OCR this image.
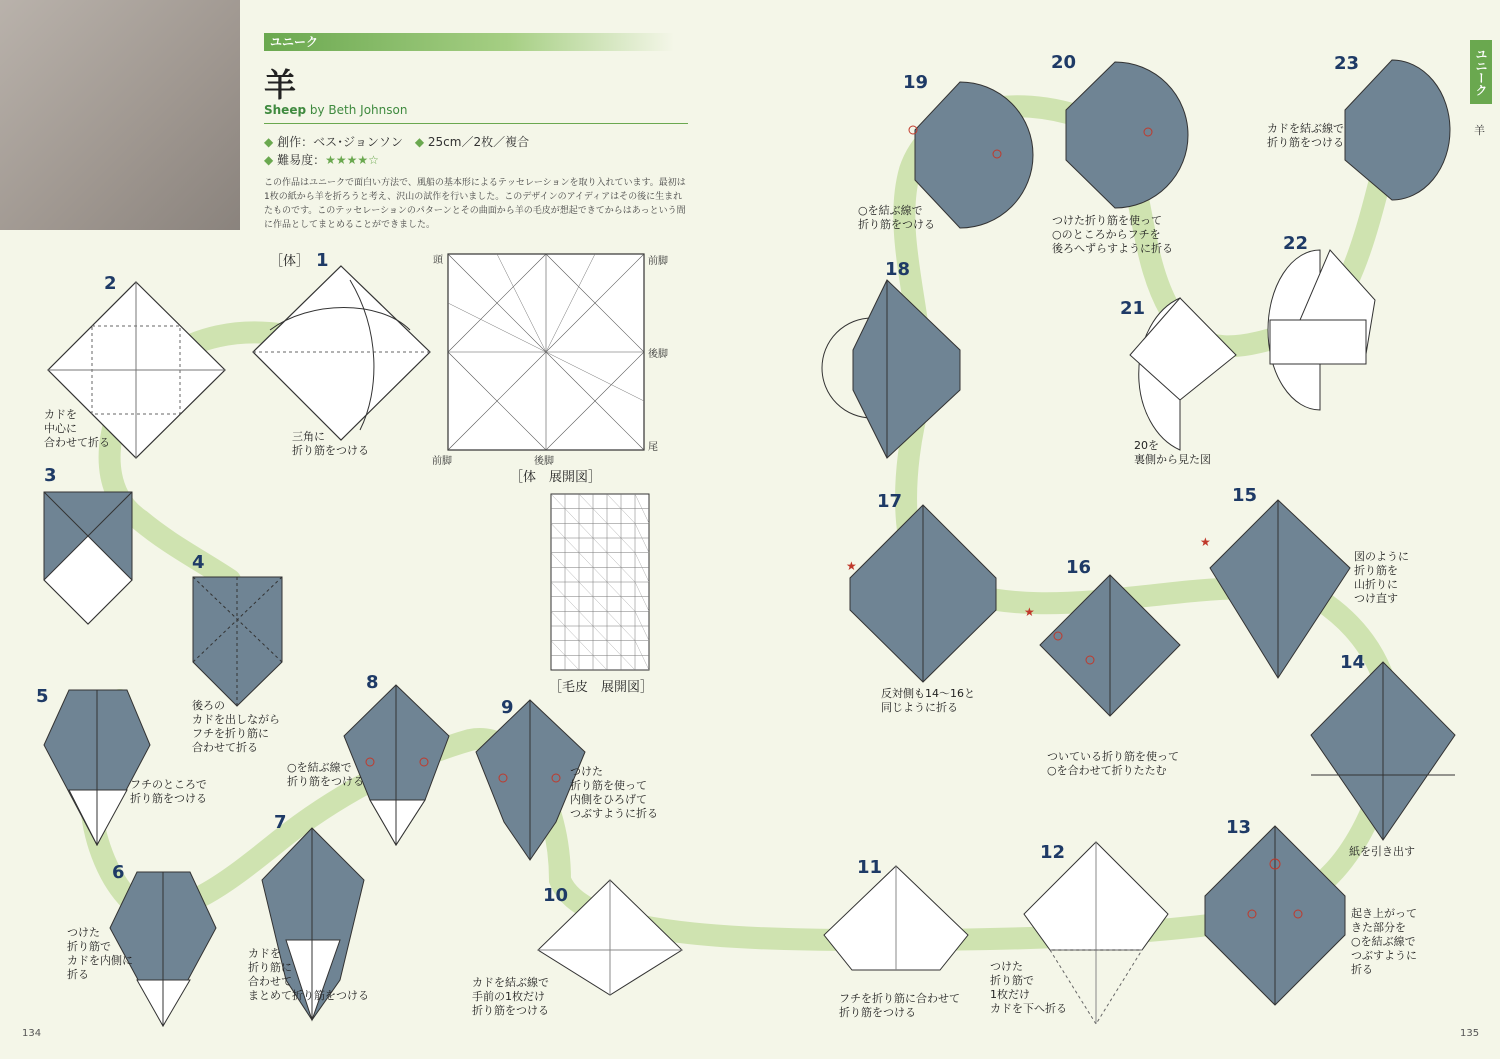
★
★
★
ユニーク
羊
Sheep by Beth Johnson
◆ 創作：ベス･ジョンソン　 ◆ 25cm／2枚／複合
◆ 難易度：★★★★☆
この作品はユニークで面白い方法で、風船の基本形によるテッセレーションを取り入れています。最初は1枚の紙から羊を折ろうと考え、沢山の試作を行いました。このデザインのアイディアはその後に生まれたものです。このテッセレーションのパターンとその曲面から羊の毛皮が想起できてからはあっという間に作品としてまとめることができました。
ユニーク
羊
134	135
［体］
［体　展開図］
［毛皮　展開図］
頭	前脚
後脚
尾
前脚	後脚
1
2
3
4
5
6
7
8
9
10
11
12
13
14
15
16
17
18
19
20
21
22
23
三角に
折り筋をつける
カドを
中心に
合わせて折る
後ろの
カドを出しながら
フチを折り筋に
合わせて折る
フチのところで
折り筋をつける
つけた
折り筋で
カドを内側に
折る
カドを
折り筋に
合わせて
まとめて折り筋をつける
○を結ぶ線で
折り筋をつける
つけた
折り筋を使って
内側をひろげて
つぶすように折る
カドを結ぶ線で
手前の1枚だけ
折り筋をつける
フチを折り筋に合わせて
折り筋をつける
つけた
折り筋で
1枚だけ
カドを下へ折る
起き上がって
きた部分を
○を結ぶ線で
つぶすように
折る
紙を引き出す
図のように
折り筋を
山折りに
つけ直す
ついている折り筋を使って
○を合わせて折りたたむ
反対側も14〜16と
同じように折る
○を結ぶ線で
折り筋をつける	つけた折り筋を使って
○のところからフチを
後ろへずらすように折る
20を
裏側から見た図
カドを結ぶ線で
折り筋をつける
